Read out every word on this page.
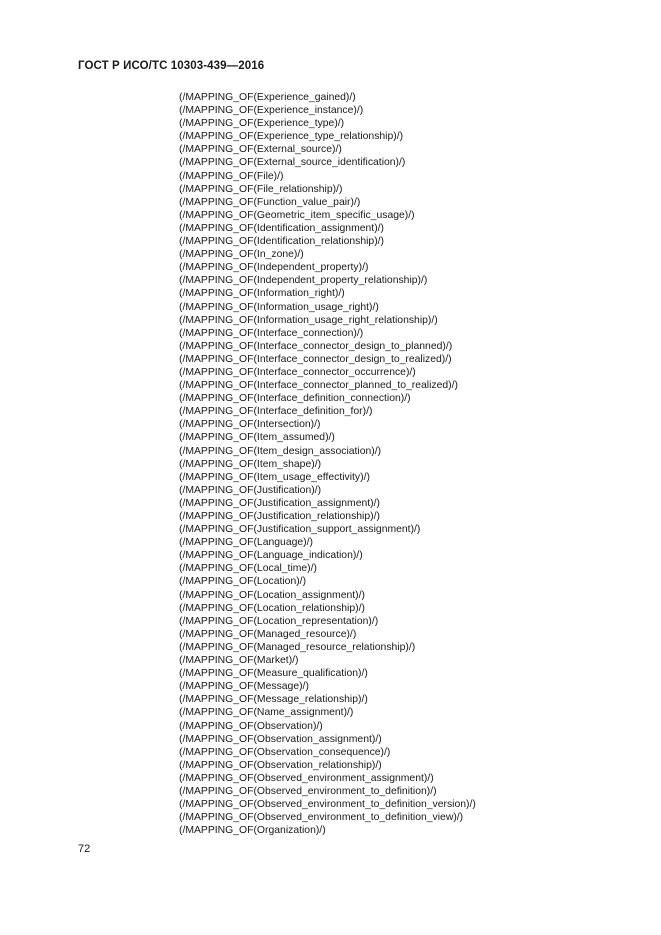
ГОСТ Р ИСО/ТС 10303-439—2016
(/MAPPING_OF(Experience_gained)/)
(/MAPPING_OF(Experience_instance)/)
(/MAPPING_OF(Experience_type)/)
(/MAPPING_OF(Experience_type_relationship)/)
(/MAPPING_OF(External_source)/)
(/MAPPING_OF(External_source_identification)/)
(/MAPPING_OF(File)/)
(/MAPPING_OF(File_relationship)/)
(/MAPPING_OF(Function_value_pair)/)
(/MAPPING_OF(Geometric_item_specific_usage)/)
(/MAPPING_OF(Identification_assignment)/)
(/MAPPING_OF(Identification_relationship)/)
(/MAPPING_OF(In_zone)/)
(/MAPPING_OF(Independent_property)/)
(/MAPPING_OF(Independent_property_relationship)/)
(/MAPPING_OF(Information_right)/)
(/MAPPING_OF(Information_usage_right)/)
(/MAPPING_OF(Information_usage_right_relationship)/)
(/MAPPING_OF(Interface_connection)/)
(/MAPPING_OF(Interface_connector_design_to_planned)/)
(/MAPPING_OF(Interface_connector_design_to_realized)/)
(/MAPPING_OF(Interface_connector_occurrence)/)
(/MAPPING_OF(Interface_connector_planned_to_realized)/)
(/MAPPING_OF(Interface_definition_connection)/)
(/MAPPING_OF(Interface_definition_for)/)
(/MAPPING_OF(Intersection)/)
(/MAPPING_OF(Item_assumed)/)
(/MAPPING_OF(Item_design_association)/)
(/MAPPING_OF(Item_shape)/)
(/MAPPING_OF(Item_usage_effectivity)/)
(/MAPPING_OF(Justification)/)
(/MAPPING_OF(Justification_assignment)/)
(/MAPPING_OF(Justification_relationship)/)
(/MAPPING_OF(Justification_support_assignment)/)
(/MAPPING_OF(Language)/)
(/MAPPING_OF(Language_indication)/)
(/MAPPING_OF(Local_time)/)
(/MAPPING_OF(Location)/)
(/MAPPING_OF(Location_assignment)/)
(/MAPPING_OF(Location_relationship)/)
(/MAPPING_OF(Location_representation)/)
(/MAPPING_OF(Managed_resource)/)
(/MAPPING_OF(Managed_resource_relationship)/)
(/MAPPING_OF(Market)/)
(/MAPPING_OF(Measure_qualification)/)
(/MAPPING_OF(Message)/)
(/MAPPING_OF(Message_relationship)/)
(/MAPPING_OF(Name_assignment)/)
(/MAPPING_OF(Observation)/)
(/MAPPING_OF(Observation_assignment)/)
(/MAPPING_OF(Observation_consequence)/)
(/MAPPING_OF(Observation_relationship)/)
(/MAPPING_OF(Observed_environment_assignment)/)
(/MAPPING_OF(Observed_environment_to_definition)/)
(/MAPPING_OF(Observed_environment_to_definition_version)/)
(/MAPPING_OF(Observed_environment_to_definition_view)/)
(/MAPPING_OF(Organization)/)
72
